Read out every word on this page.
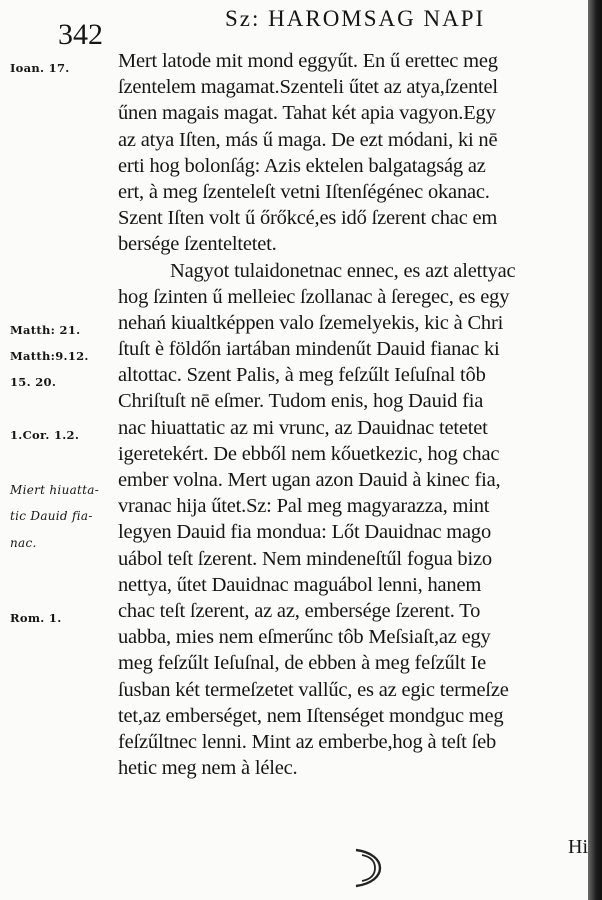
342	Sz: HAROMSAG NAPI
Ioan. 17.
Matth: 21.
Matth:9.12.
15. 20.
1.Cor. 1.2.
Miert hiuatta-
tic Dauid fia-
nac.
Rom. 1.
Mert latode mit mond eggyűt. En ű erettec meg
ſzentelem magamat.Szenteli űtet az atya,ſzentel
űnen magais magat. Tahat két apia vagyon.Egy
az atya Iſten, más ű maga. De ezt módani, ki nē
erti hog bolonſág: Azis ektelen balgatagság az
ert, à meg ſzenteleſt vetni Iſtenſégénec okanac.
Szent Iſten volt ű őrőkcé,es idő ſzerent chac em
bersége ſzenteltetet.
Nagyot tulaidonetnac ennec, es azt alettyac
hog ſzinten ű melleiec ſzollanac à ſeregec, es egy
nehań kiualtképpen valo ſzemelyekis, kic à Chri
ſtuſt è földőn iartában mindenűt Dauid fianac ki
altottac. Szent Palis, à meg feſzűlt Ieſuſnal tôb
Chriſtuſt nē eſmer. Tudom enis, hog Dauid fia
nac hiuattatic az mi vrunc, az Dauidnac tetetet
igeretekért. De ebből nem kőuetkezic, hog chac
ember volna. Mert ugan azon Dauid à kinec fia,
vranac hija űtet.Sz: Pal meg magyarazza, mint
legyen Dauid fia mondua: Lőt Dauidnac mago
uábol teſt ſzerent. Nem mindeneſtűl fogua bizo
nettya, űtet Dauidnac maguábol lenni, hanem
chac teſt ſzerent, az az, embersége ſzerent. To
uabba, mies nem eſmerűnc tôb Meſsiaſt,az egy
meg feſzűlt Ieſuſnal, de ebben à meg feſzűlt Ie
ſusban két termeſzetet vallűc, es az egic termeſze
tet,az emberséget, nem Iſtenséget mondguc meg
feſzűltnec lenni. Mint az emberbe,hog à teſt ſeb
hetic meg nem à lélec.
Hi
